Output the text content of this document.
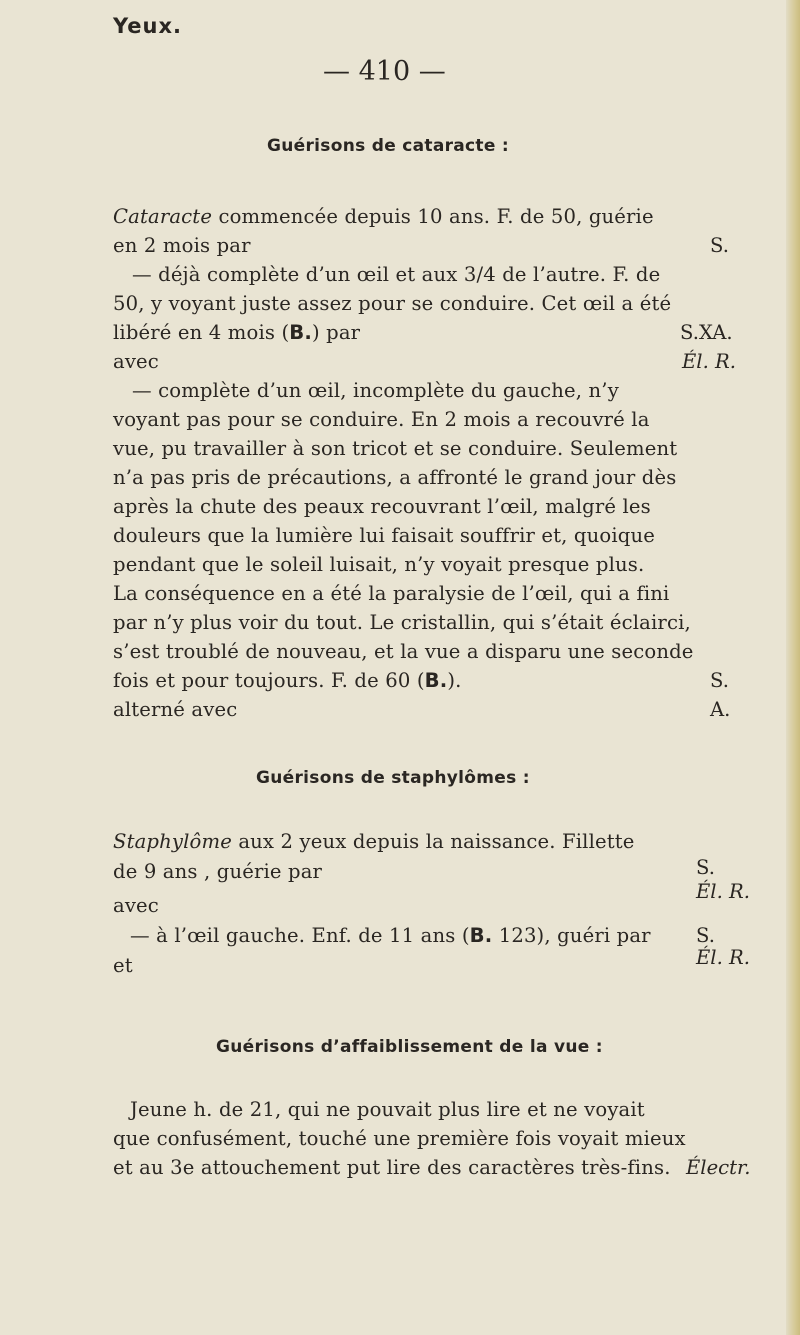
Yeux.
— 410 —
Guérisons de cataracte :
Cataracte commencée depuis 10 ans. F. de 50, guérie
en 2 mois par
— déjà complète d’un œil et aux 3/4 de l’autre. F. de
50, y voyant juste assez pour se conduire. Cet œil a été
libéré en 4 mois (B.) par
avec
— complète d’un œil, incomplète du gauche, n’y
voyant pas pour se conduire. En 2 mois a recouvré la
vue, pu travailler à son tricot et se conduire. Seulement
n’a pas pris de précautions, a affronté le grand jour dès
après la chute des peaux recouvrant l’œil, malgré les
douleurs que la lumière lui faisait souffrir et, quoique
pendant que le soleil luisait, n’y voyait presque plus.
La conséquence en a été la paralysie de l’œil, qui a fini
par n’y plus voir du tout. Le cristallin, qui s’était éclairci,
s’est troublé de nouveau, et la vue a disparu une seconde
fois et pour toujours. F. de 60 (B.).
alterné avec
S.
S.XA.
Él. R.
S.
A.
Guérisons de staphylômes :
Staphylôme aux 2 yeux depuis la naissance. Fillette
de 9 ans , guérie par
avec
— à l’œil gauche. Enf. de 11 ans (B. 123), guéri par
et
S.
Él. R.
S.
Él. R.
Guérisons d’affaiblissement de la vue :
Jeune h. de 21, qui ne pouvait plus lire et ne voyait
que confusément, touché une première fois voyait mieux
et au 3e attouchement put lire des caractères très-fins. Électr.
